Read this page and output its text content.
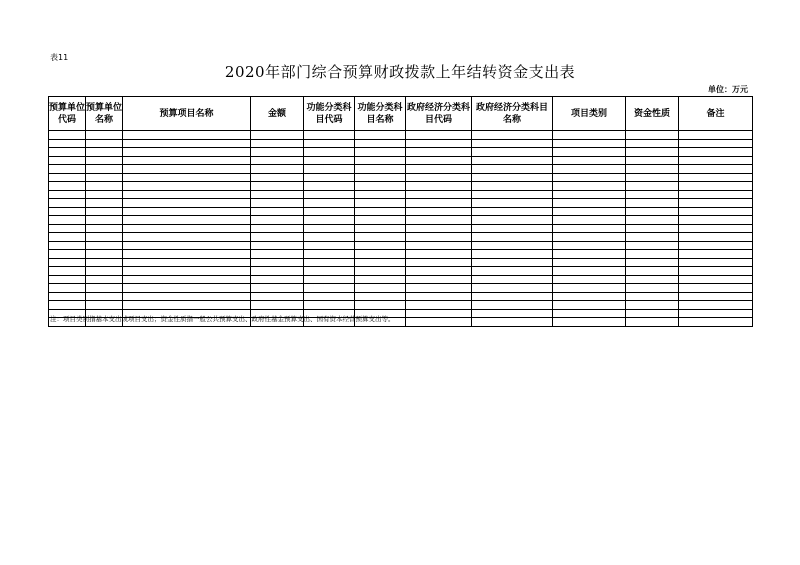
表11
2020年部门综合预算财政拨款上年结转资金支出表
单位：万元
预算单位代码	预算单位名称	预算项目名称	金额	功能分类科目代码	功能分类科目名称	政府经济分类科目代码	政府经济分类科目名称	项目类别	资金性质	备注

注：项目类别指基本支出或项目支出；资金性质指一般公共预算支出、政府性基金预算支出、国有资本经营预算支出等。
